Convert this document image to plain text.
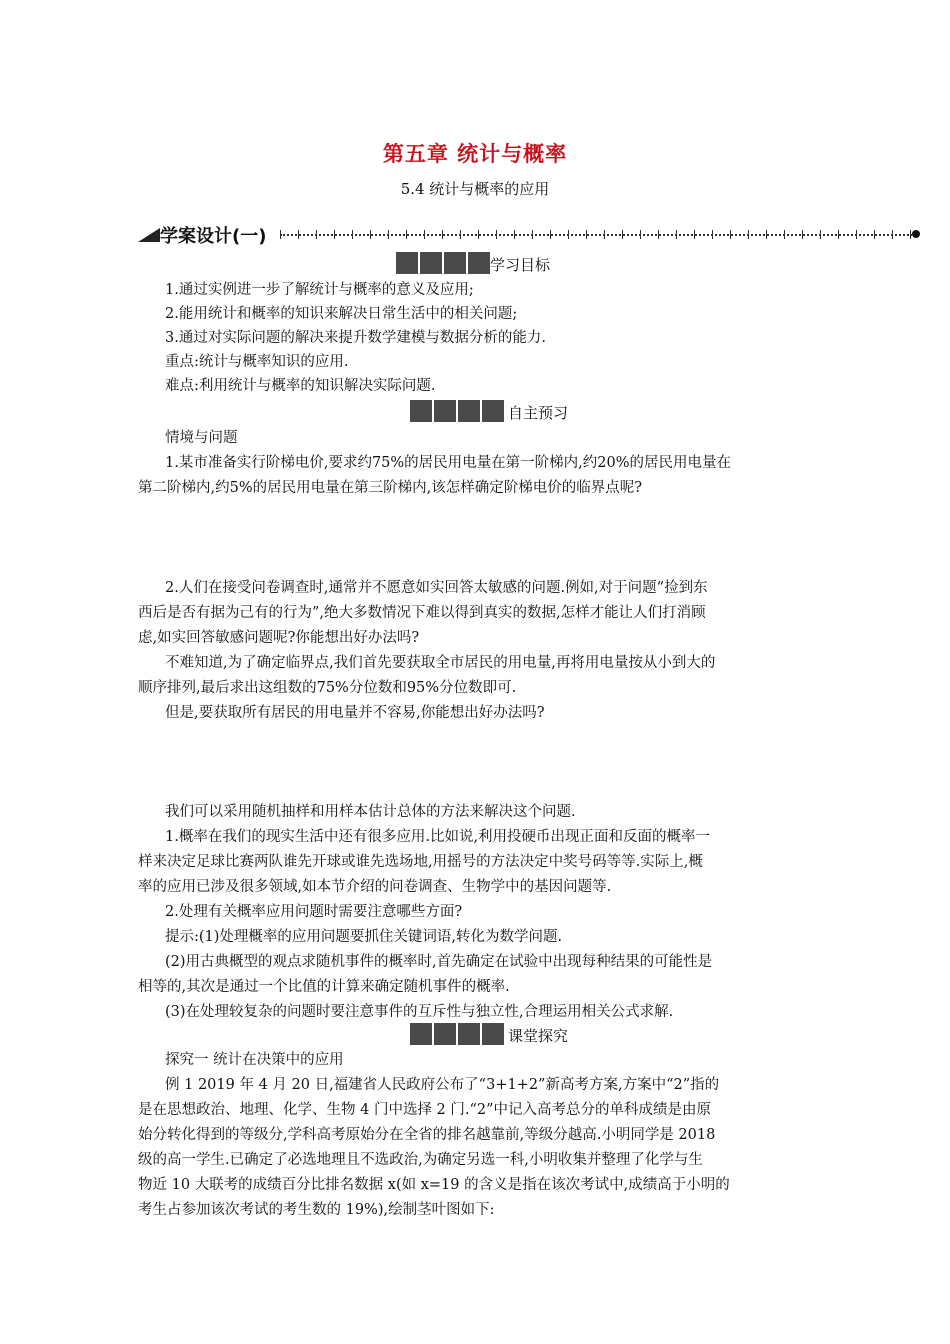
第五章 统计与概率
5.4 统计与概率的应用
学案设计(一)
学习目标
1.通过实例进一步了解统计与概率的意义及应用;
2.能用统计和概率的知识来解决日常生活中的相关问题;
3.通过对实际问题的解决来提升数学建模与数据分析的能力.
重点:统计与概率知识的应用.
难点:利用统计与概率的知识解决实际问题.
自主预习
情境与问题
1.某市准备实行阶梯电价,要求约75%的居民用电量在第一阶梯内,约20%的居民用电量在
第二阶梯内,约5%的居民用电量在第三阶梯内,该怎样确定阶梯电价的临界点呢?
2.人们在接受问卷调查时,通常并不愿意如实回答太敏感的问题.例如,对于问题“捡到东
西后是否有据为己有的行为”,绝大多数情况下难以得到真实的数据,怎样才能让人们打消顾
虑,如实回答敏感问题呢?你能想出好办法吗?
不难知道,为了确定临界点,我们首先要获取全市居民的用电量,再将用电量按从小到大的
顺序排列,最后求出这组数的75%分位数和95%分位数即可.
但是,要获取所有居民的用电量并不容易,你能想出好办法吗?
我们可以采用随机抽样和用样本估计总体的方法来解决这个问题.
1.概率在我们的现实生活中还有很多应用.比如说,利用投硬币出现正面和反面的概率一
样来决定足球比赛两队谁先开球或谁先选场地,用摇号的方法决定中奖号码等等.实际上,概
率的应用已涉及很多领域,如本节介绍的问卷调查、生物学中的基因问题等.
2.处理有关概率应用问题时需要注意哪些方面?
提示:(1)处理概率的应用问题要抓住关键词语,转化为数学问题.
(2)用古典概型的观点求随机事件的概率时,首先确定在试验中出现每种结果的可能性是
相等的,其次是通过一个比值的计算来确定随机事件的概率.
(3)在处理较复杂的问题时要注意事件的互斥性与独立性,合理运用相关公式求解.
课堂探究
探究一 统计在决策中的应用
例 1 2019 年 4 月 20 日,福建省人民政府公布了“3+1+2”新高考方案,方案中“2”指的
是在思想政治、地理、化学、生物 4 门中选择 2 门.“2”中记入高考总分的单科成绩是由原
始分转化得到的等级分,学科高考原始分在全省的排名越靠前,等级分越高.小明同学是 2018
级的高一学生.已确定了必选地理且不选政治,为确定另选一科,小明收集并整理了化学与生
物近 10 大联考的成绩百分比排名数据 x(如 x=19 的含义是指在该次考试中,成绩高于小明的
考生占参加该次考试的考生数的 19%),绘制茎叶图如下:
